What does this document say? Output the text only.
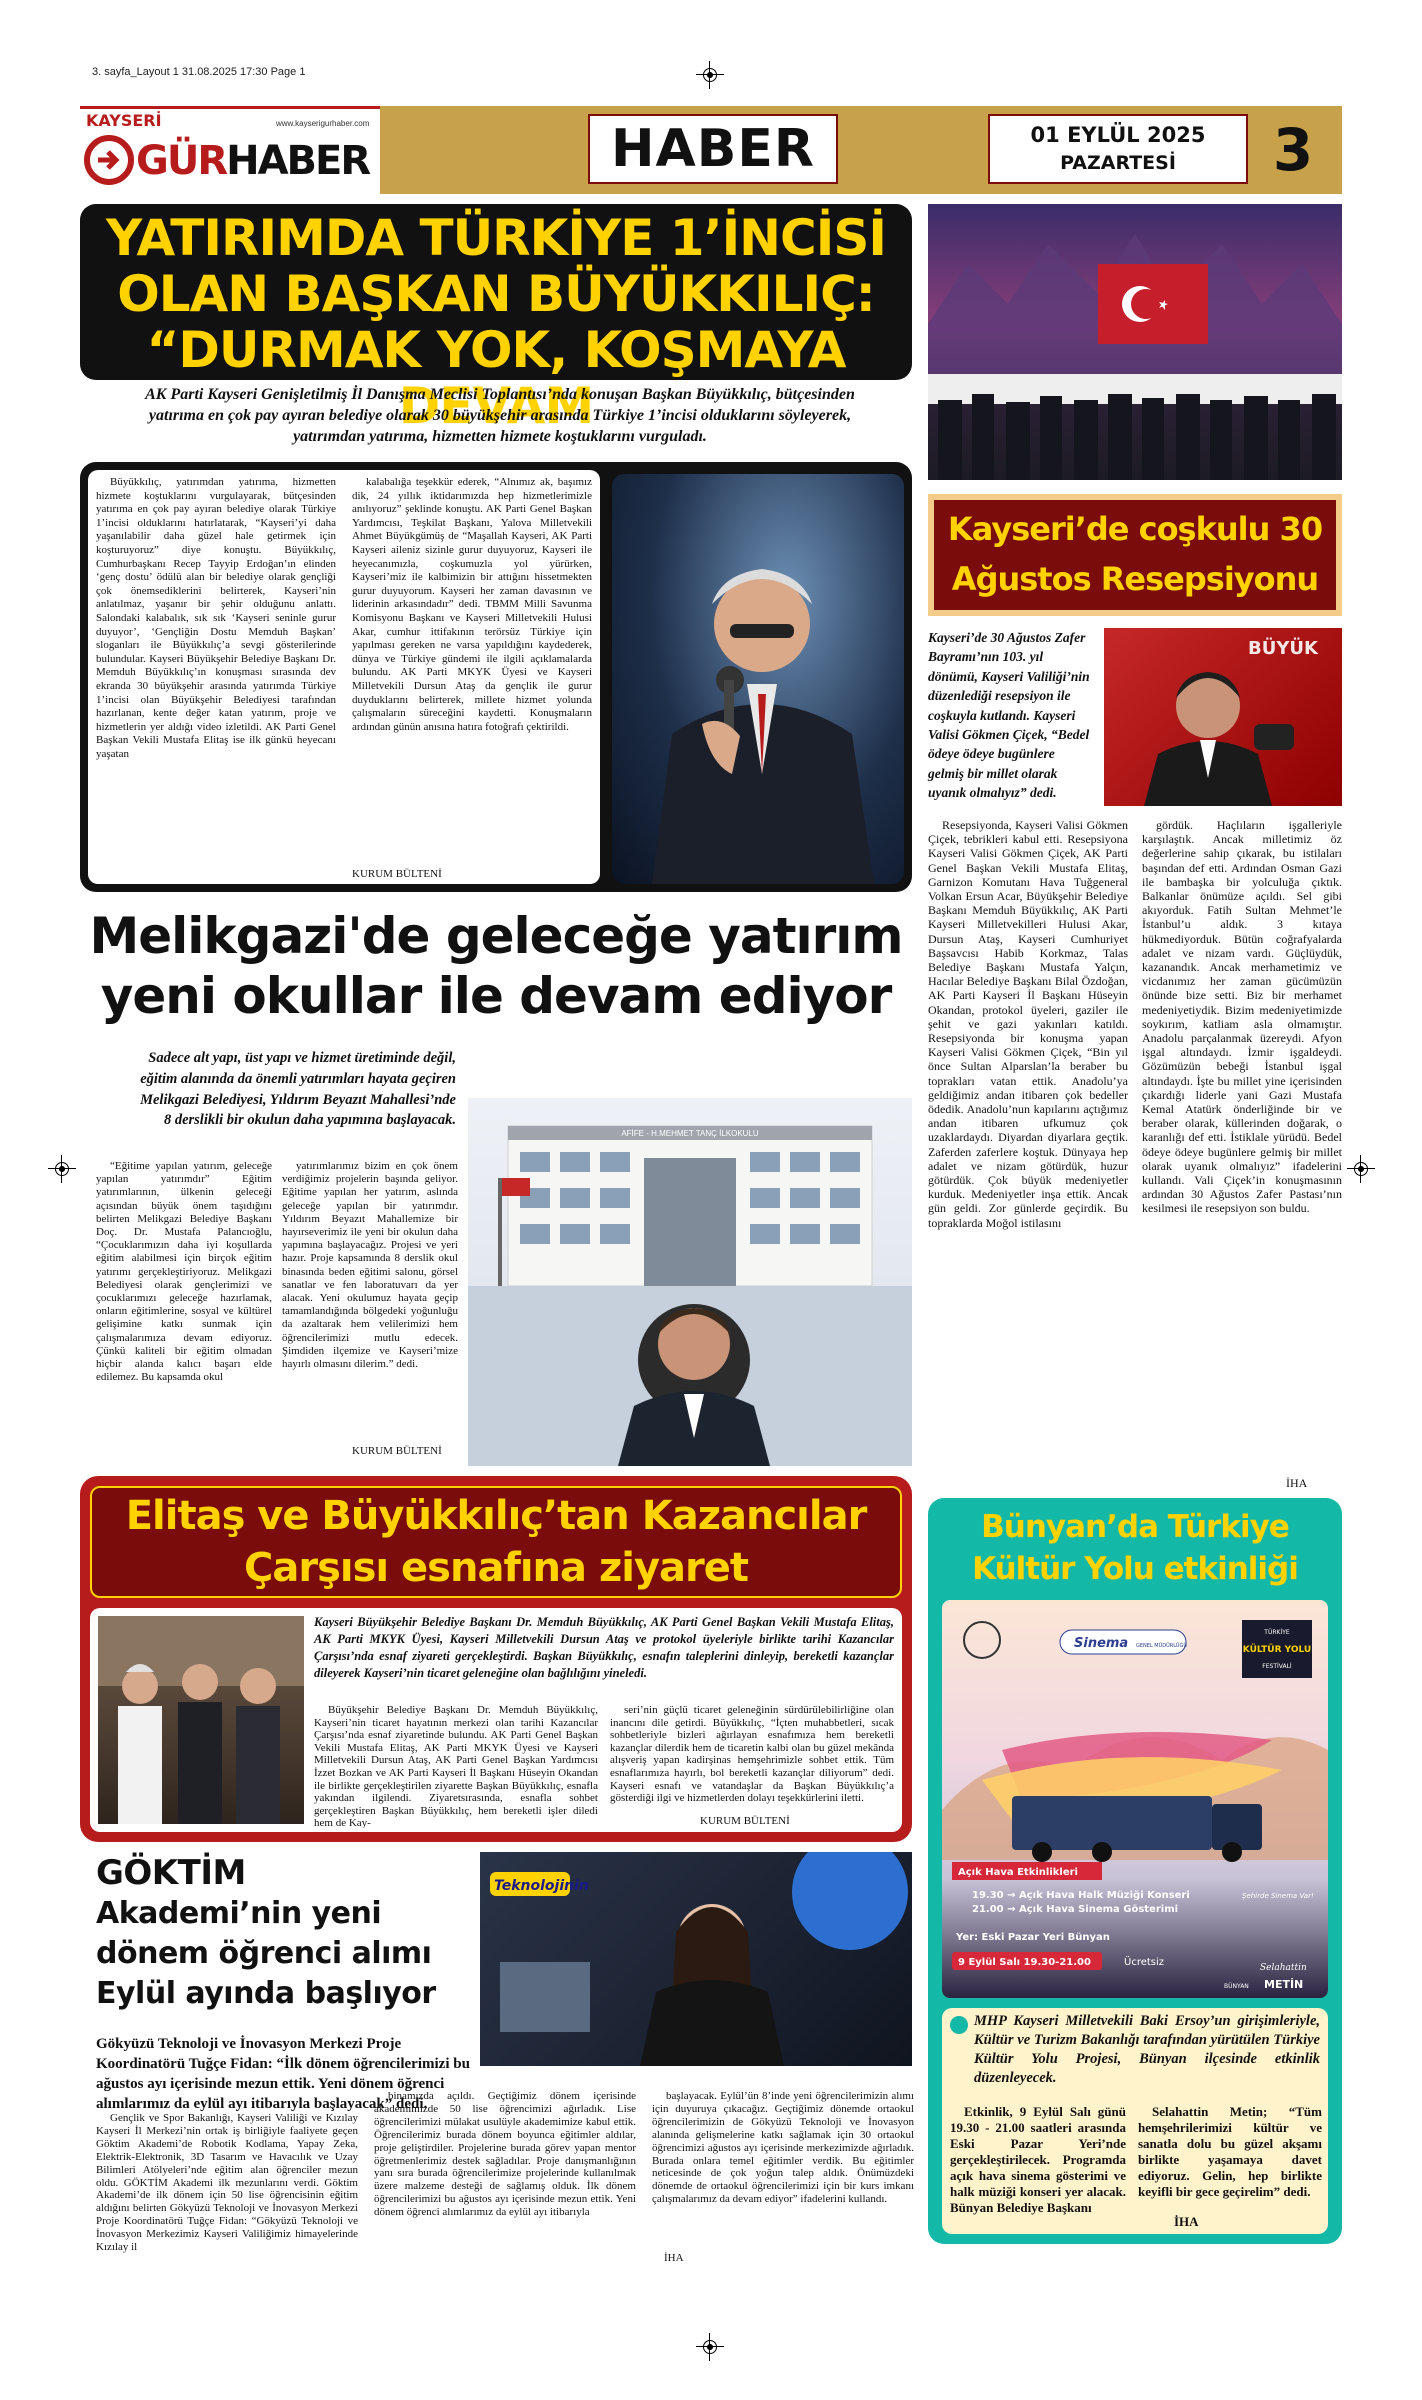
3. sayfa_Layout 1 31.08.2025 17:30 Page 1
KAYSERİ	www.kayserigurhaber.com
GÜRHABER	HABER	01 EYLÜL 2025
PAZARTESİ	3
YATIRIMDA TÜRKİYE 1’İNCİSİ
OLAN BAŞKAN BÜYÜKKILIÇ:
“DURMAK YOK, KOŞMAYA DEVAM
AK Parti Kayseri Genişletilmiş İl Danışma Meclisi Toplantısı’nda konuşan Başkan Büyükkılıç, bütçesinden yatırıma en çok pay ayıran belediye olarak 30 büyükşehir arasında Türkiye 1’incisi olduklarını söyleyerek, yatırımdan yatırıma, hizmetten hizmete koştuklarını vurguladı.

Büyükkılıç, yatırımdan yatırıma, hizmetten hizmete koştuklarını vurgulayarak, bütçesinden yatırıma en çok pay ayıran belediye olarak Türkiye 1’incisi olduklarını hatırlatarak, “Kayseri’yi daha yaşanılabilir daha güzel hale getirmek için koşturuyoruz” diye konuştu. Büyükkılıç, Cumhurbaşkanı Recep Tayyip Erdoğan’ın elinden ‘genç dostu’ ödülü alan bir belediye olarak gençliği çok önemsediklerini belirterek, Kayseri’nin anlatılmaz, yaşanır bir şehir olduğunu anlattı. Salondaki kalabalık, sık sık ‘Kayseri seninle gurur duyuyor’, ‘Gençliğin Dostu Memduh Başkan’ sloganları ile Büyükkılıç’a sevgi gösterilerinde bulundular. Kayseri Büyükşehir Belediye Başkanı Dr. Memduh Büyükkılıç’ın konuşması sırasında dev ekranda 30 büyükşehir arasında yatırımda Türkiye 1’incisi olan Büyükşehir Belediyesi tarafından hazırlanan, kente değer katan yatırım, proje ve hizmetlerin yer aldığı video izletildi. AK Parti Genel Başkan Vekili Mustafa Elitaş ise ilk günkü heyecanı yaşatan

kalabalığa teşekkür ederek, “Alnımız ak, başımız dik, 24 yıllık iktidarımızda hep hizmetlerimizle anılıyoruz” şeklinde konuştu. AK Parti Genel Başkan Yardımcısı, Teşkilat Başkanı, Yalova Milletvekili Ahmet Büyükgümüş de “Maşallah Kayseri, AK Parti Kayseri aileniz sizinle gurur duyuyoruz, Kayseri ile heyecanımızla, coşkumuzla yol yürürken, Kayseri’miz ile kalbimizin bir attığını hissetmekten gurur duyuyorum. Kayseri her zaman davasının ve liderinin arkasındadır” dedi. TBMM Milli Savunma Komisyonu Başkanı ve Kayseri Milletvekili Hulusi Akar, cumhur ittifakının terörsüz Türkiye için yapılması gereken ne varsa yapıldığını kaydederek, dünya ve Türkiye gündemi ile ilgili açıklamalarda bulundu. AK Parti MKYK Üyesi ve Kayseri Milletvekili Dursun Ataş da gençlik ile gurur duyduklarını belirterek, millete hizmet yolunda çalışmaların süreceğini kaydetti. Konuşmaların ardından günün anısına hatıra fotoğrafı çektirildi.

KURUM BÜLTENİ
Kayseri’de coşkulu 30
Ağustos Resepsiyonu
Kayseri’de 30 Ağustos Zafer Bayramı’nın 103. yıl dönümü, Kayseri Valiliği’nin düzenlediği resepsiyon ile coşkuyla kutlandı. Kayseri Valisi Gökmen Çiçek, “Bedel ödeye ödeye bugünlere gelmiş bir millet olarak uyanık olmalıyız” dedi.
BÜYÜK

Resepsiyonda, Kayseri Valisi Gökmen Çiçek, tebrikleri kabul etti. Resepsiyona Kayseri Valisi Gökmen Çiçek, AK Parti Genel Başkan Vekili Mustafa Elitaş, Garnizon Komutanı Hava Tuğgeneral Volkan Ersun Acar, Büyükşehir Belediye Başkanı Memduh Büyükkılıç, AK Parti Kayseri Milletvekilleri Hulusi Akar, Dursun Ataş, Kayseri Cumhuriyet Başsavcısı Habib Korkmaz, Talas Belediye Başkanı Mustafa Yalçın, Hacılar Belediye Başkanı Bilal Özdoğan, AK Parti Kayseri İl Başkanı Hüseyin Okandan, protokol üyeleri, gaziler ile şehit ve gazi yakınları katıldı. Resepsiyonda bir konuşma yapan Kayseri Valisi Gökmen Çiçek, “Bin yıl önce Sultan Alparslan’la beraber bu toprakları vatan ettik. Anadolu’ya geldiğimiz andan itibaren çok bedeller ödedik. Anadolu’nun kapılarını açtığımız andan itibaren ufkumuz çok uzaklardaydı. Diyardan diyarlara geçtik. Zaferden zaferlere koştuk. Dünyaya hep adalet ve nizam götürdük, huzur götürdük. Çok büyük medeniyetler kurduk. Medeniyetler inşa ettik. Ancak gün geldi. Zor günlerde geçirdik. Bu topraklarda Moğol istilasını

gördük. Haçlıların işgalleriyle karşılaştık. Ancak milletimiz öz değerlerine sahip çıkarak, bu istilaları başından def etti. Ardından Osman Gazi ile bambaşka bir yolculuğa çıktık. Balkanlar önümüze açıldı. Sel gibi akıyorduk. Fatih Sultan Mehmet’le İstanbul’u aldık. 3 kıtaya hükmediyorduk. Bütün coğrafyalarda adalet ve nizam vardı. Güçlüydük, kazanandık. Ancak merhametimiz ve vicdanımız her zaman gücümüzün önünde bize setti. Biz bir merhamet medeniyetiydik. Bizim medeniyetimizde soykırım, katliam asla olmamıştır. Anadolu parçalanmak üzereydi. Afyon işgal altındaydı. İzmir işgaldeydi. Gözümüzün bebeği İstanbul işgal altındaydı. İşte bu millet yine içerisinden çıkardığı liderle yani Gazi Mustafa Kemal Atatürk önderliğinde bir ve beraber olarak, küllerinden doğarak, o karanlığı def etti. İstiklale yürüdü. Bedel ödeye ödeye bugünlere gelmiş bir millet olarak uyanık olmalıyız” ifadelerini kullandı. Vali Çiçek’in konuşmasının ardından 30 Ağustos Zafer Pastası’nın kesilmesi ile resepsiyon son buldu.

İHA
Melikgazi'de geleceğe yatırım
yeni okullar ile devam ediyor
Sadece alt yapı, üst yapı ve hizmet üretiminde değil, eğitim alanında da önemli yatırımları hayata geçiren Melikgazi Belediyesi, Yıldırım Beyazıt Mahallesi’nde 8 derslikli bir okulun daha yapımına başlayacak.

“Eğitime yapılan yatırım, geleceğe yapılan yatırımdır” Eğitim yatırımlarının, ülkenin geleceği açısından büyük önem taşıdığını belirten Melikgazi Belediye Başkanı Doç. Dr. Mustafa Palancıoğlu, “Çocuklarımızın daha iyi koşullarda eğitim alabilmesi için birçok eğitim yatırımı gerçekleştiriyoruz. Melikgazi Belediyesi olarak gençlerimizi ve çocuklarımızı geleceğe hazırlamak, onların eğitimlerine, sosyal ve kültürel gelişimine katkı sunmak için çalışmalarımıza devam ediyoruz. Çünkü kaliteli bir eğitim olmadan hiçbir alanda kalıcı başarı elde edilemez. Bu kapsamda okul

yatırımlarımız bizim en çok önem verdiğimiz projelerin başında geliyor. Eğitime yapılan her yatırım, aslında geleceğe yapılan bir yatırımdır. Yıldırım Beyazıt Mahallemize bir hayırseverimiz ile yeni bir okulun daha yapımına başlayacağız. Projesi ve yeri hazır. Proje kapsamında 8 derslik okul binasında beden eğitimi salonu, görsel sanatlar ve fen laboratuvarı da yer alacak. Yeni okulumuz hayata geçip tamamlandığında bölgedeki yoğunluğu da azaltarak hem velilerimizi hem öğrencilerimizi mutlu edecek. Şimdiden ilçemize ve Kayseri’mize hayırlı olmasını dilerim.” dedi.

KURUM BÜLTENİ
AFİFE - H.MEHMET TANÇ İLKOKULU
Elitaş ve Büyükkılıç’tan Kazancılar
Çarşısı esnafına ziyaret
Kayseri Büyükşehir Belediye Başkanı Dr. Memduh Büyükkılıç, AK Parti Genel Başkan Vekili Mustafa Elitaş, AK Parti MKYK Üyesi, Kayseri Milletvekili Dursun Ataş ve protokol üyeleriyle birlikte tarihi Kazancılar Çarşısı’nda esnaf ziyareti gerçekleştirdi. Başkan Büyükkılıç, esnafın taleplerini dinleyip, bereketli kazançlar dileyerek Kayseri’nin ticaret geleneğine olan bağlılığını yineledi.

Büyükşehir Belediye Başkanı Dr. Memduh Büyükkılıç, Kayseri’nin ticaret hayatının merkezi olan tarihi Kazancılar Çarşısı’nda esnaf ziyaretinde bulundu. AK Parti Genel Başkan Vekili Mustafa Elitaş, AK Parti MKYK Üyesi ve Kayseri Milletvekili Dursun Ataş, AK Parti Genel Başkan Yardımcısı İzzet Bozkan ve AK Parti Kayseri İl Başkanı Hüseyin Okandan ile birlikte gerçekleştirilen ziyarette Başkan Büyükkılıç, esnafla yakından ilgilendi. Ziyaretsırasında, esnafla sohbet gerçekleştiren Başkan Büyükkılıç, hem bereketli işler diledi hem de Kay-

seri’nin güçlü ticaret geleneğinin sürdürülebilirliğine olan inancını dile getirdi. Büyükkılıç, “İçten muhabbetleri, sıcak sohbetleriyle bizleri ağırlayan esnafımıza hem bereketli kazançlar dilerdik hem de ticaretin kalbi olan bu güzel mekânda alışveriş yapan kadirşinas hemşehrimizle sohbet ettik. Tüm esnaflarımıza hayırlı, bol bereketli kazançlar diliyorum” dedi. Kayseri esnafı ve vatandaşlar da Başkan Büyükkılıç’a gösterdiği ilgi ve hizmetlerden dolayı teşekkürlerini iletti.

KURUM BÜLTENİ
GÖKTİM
Akademi’nin yeni
dönem öğrenci alımı
Eylül ayında başlıyor
Teknolojinin
Gökyüzü Teknoloji ve İnovasyon Merkezi Proje Koordinatörü Tuğçe Fidan: “İlk dönem öğrencilerimizi bu ağustos ayı içerisinde mezun ettik. Yeni dönem öğrenci alımlarımız da eylül ayı itibarıyla başlayacak” dedi.

Gençlik ve Spor Bakanlığı, Kayseri Valiliği ve Kızılay Kayseri İl Merkezi’nin ortak iş birliğiyle faaliyete geçen Göktim Akademi’de Robotik Kodlama, Yapay Zeka, Elektrik-Elektronik, 3D Tasarım ve Havacılık ve Uzay Bilimleri Atölyeleri’nde eğitim alan öğrenciler mezun oldu. GÖKTİM Akademi ilk mezunlarını verdi. Göktim Akademi’de ilk dönem için 50 lise öğrencisinin eğitim aldığını belirten Gökyüzü Teknoloji ve İnovasyon Merkezi Proje Koordinatörü Tuğçe Fidan: “Gökyüzü Teknoloji ve İnovasyon Merkezimiz Kayseri Valiliğimiz himayelerinde Kızılay il

binamızda açıldı. Geçtiğimiz dönem içerisinde akademimizde 50 lise öğrencimizi ağırladık. Lise öğrencilerimizi mülakat usulüyle akademimize kabul ettik. Öğrencilerimiz burada dönem boyunca eğitimler aldılar, proje geliştirdiler. Projelerine burada görev yapan mentor öğretmenlerimiz destek sağladılar. Proje danışmanlığının yanı sıra burada öğrencilerimize projelerinde kullanılmak üzere malzeme desteği de sağlamış olduk. İlk dönem öğrencilerimizi bu ağustos ayı içerisinde mezun ettik. Yeni dönem öğrenci alımlarımız da eylül ayı itibarıyla

başlayacak. Eylül’ün 8’inde yeni öğrencilerimizin alımı için duyuruya çıkacağız. Geçtiğimiz dönemde ortaokul öğrencilerimizin de Gökyüzü Teknoloji ve İnovasyon alanında gelişmelerine katkı sağlamak için 30 ortaokul öğrencimizi ağustos ayı içerisinde merkezimizde ağırladık. Burada onlara temel eğitimler verdik. Bu eğitimler neticesinde de çok yoğun talep aldık. Önümüzdeki dönemde de ortaokul öğrencilerimizi için bir kurs imkanı çalışmalarımız da devam ediyor” ifadelerini kullandı.

İHA
Bünyan’da Türkiye
Kültür Yolu etkinliği
Sinema GENEL MÜDÜRLÜĞÜ
TÜRKİYE
KÜLTÜR YOLU
FESTİVALİ
Açık Hava Etkinlikleri
19.30 → Açık Hava Halk Müziği Konseri
21.00 → Açık Hava Sinema Gösterimi
Şehirde Sinema Var!
Yer: Eski Pazar Yeri Bünyan
9 Eylül Salı 19.30-21.00	Ücretsiz
BÜNYAN
Selahattin
METİN
MHP Kayseri Milletvekili Baki Ersoy’un girişimleriyle, Kültür ve Turizm Bakanlığı tarafından yürütülen Türkiye Kültür Yolu Projesi, Bünyan ilçesinde etkinlik düzenleyecek.

Etkinlik, 9 Eylül Salı günü 19.30 - 21.00 saatleri arasında Eski Pazar Yeri’nde gerçekleştirilecek. Programda açık hava sinema gösterimi ve halk müziği konseri yer alacak. Bünyan Belediye Başkanı

Selahattin Metin; “Tüm hemşehrilerimizi kültür ve sanatla dolu bu güzel akşamı birlikte yaşamaya davet ediyoruz. Gelin, hep birlikte keyifli bir gece geçirelim” dedi.

İHA
